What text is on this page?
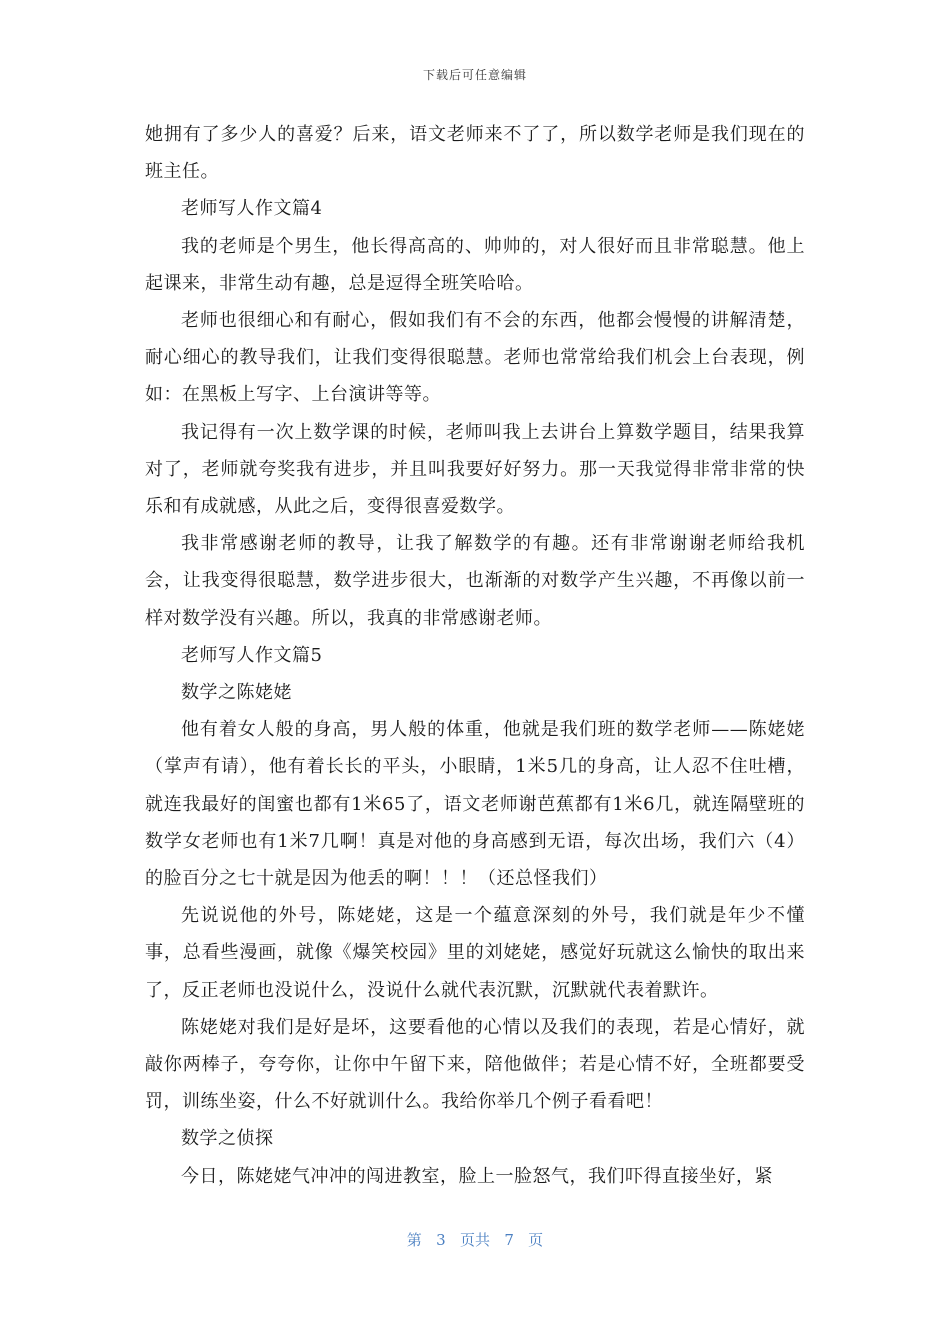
下载后可任意编辑

她拥有了多少人的喜爱？后来，语文老师来不了了，所以数学老师是我们现在的班主任。

老师写人作文篇4

我的老师是个男生，他长得高高的、帅帅的，对人很好而且非常聪慧。他上起课来，非常生动有趣，总是逗得全班笑哈哈。

老师也很细心和有耐心，假如我们有不会的东西，他都会慢慢的讲解清楚，耐心细心的教导我们，让我们变得很聪慧。老师也常常给我们机会上台表现，例如：在黑板上写字、上台演讲等等。

我记得有一次上数学课的时候，老师叫我上去讲台上算数学题目，结果我算对了，老师就夸奖我有进步，并且叫我要好好努力。那一天我觉得非常非常的快乐和有成就感，从此之后，变得很喜爱数学。

我非常感谢老师的教导，让我了解数学的有趣。还有非常谢谢老师给我机会，让我变得很聪慧，数学进步很大，也渐渐的对数学产生兴趣，不再像以前一样对数学没有兴趣。所以，我真的非常感谢老师。

老师写人作文篇5

数学之陈姥姥

他有着女人般的身高，男人般的体重，他就是我们班的数学老师——陈姥姥（掌声有请），他有着长长的平头，小眼睛，1米5几的身高，让人忍不住吐槽，就连我最好的闺蜜也都有1米65了，语文老师谢芭蕉都有1米6几，就连隔壁班的数学女老师也有1米7几啊！真是对他的身高感到无语，每次出场，我们六（4）的脸百分之七十就是因为他丢的啊！！！（还总怪我们）

先说说他的外号，陈姥姥，这是一个蕴意深刻的外号，我们就是年少不懂事，总看些漫画，就像《爆笑校园》里的刘姥姥，感觉好玩就这么愉快的取出来了，反正老师也没说什么，没说什么就代表沉默，沉默就代表着默许。

陈姥姥对我们是好是坏，这要看他的心情以及我们的表现，若是心情好，就敲你两棒子，夸夸你，让你中午留下来，陪他做伴；若是心情不好，全班都要受罚，训练坐姿，什么不好就训什么。我给你举几个例子看看吧！

数学之侦探

今日，陈姥姥气冲冲的闯进教室，脸上一脸怒气，我们吓得直接坐好，紧

第 3 页共 7 页
